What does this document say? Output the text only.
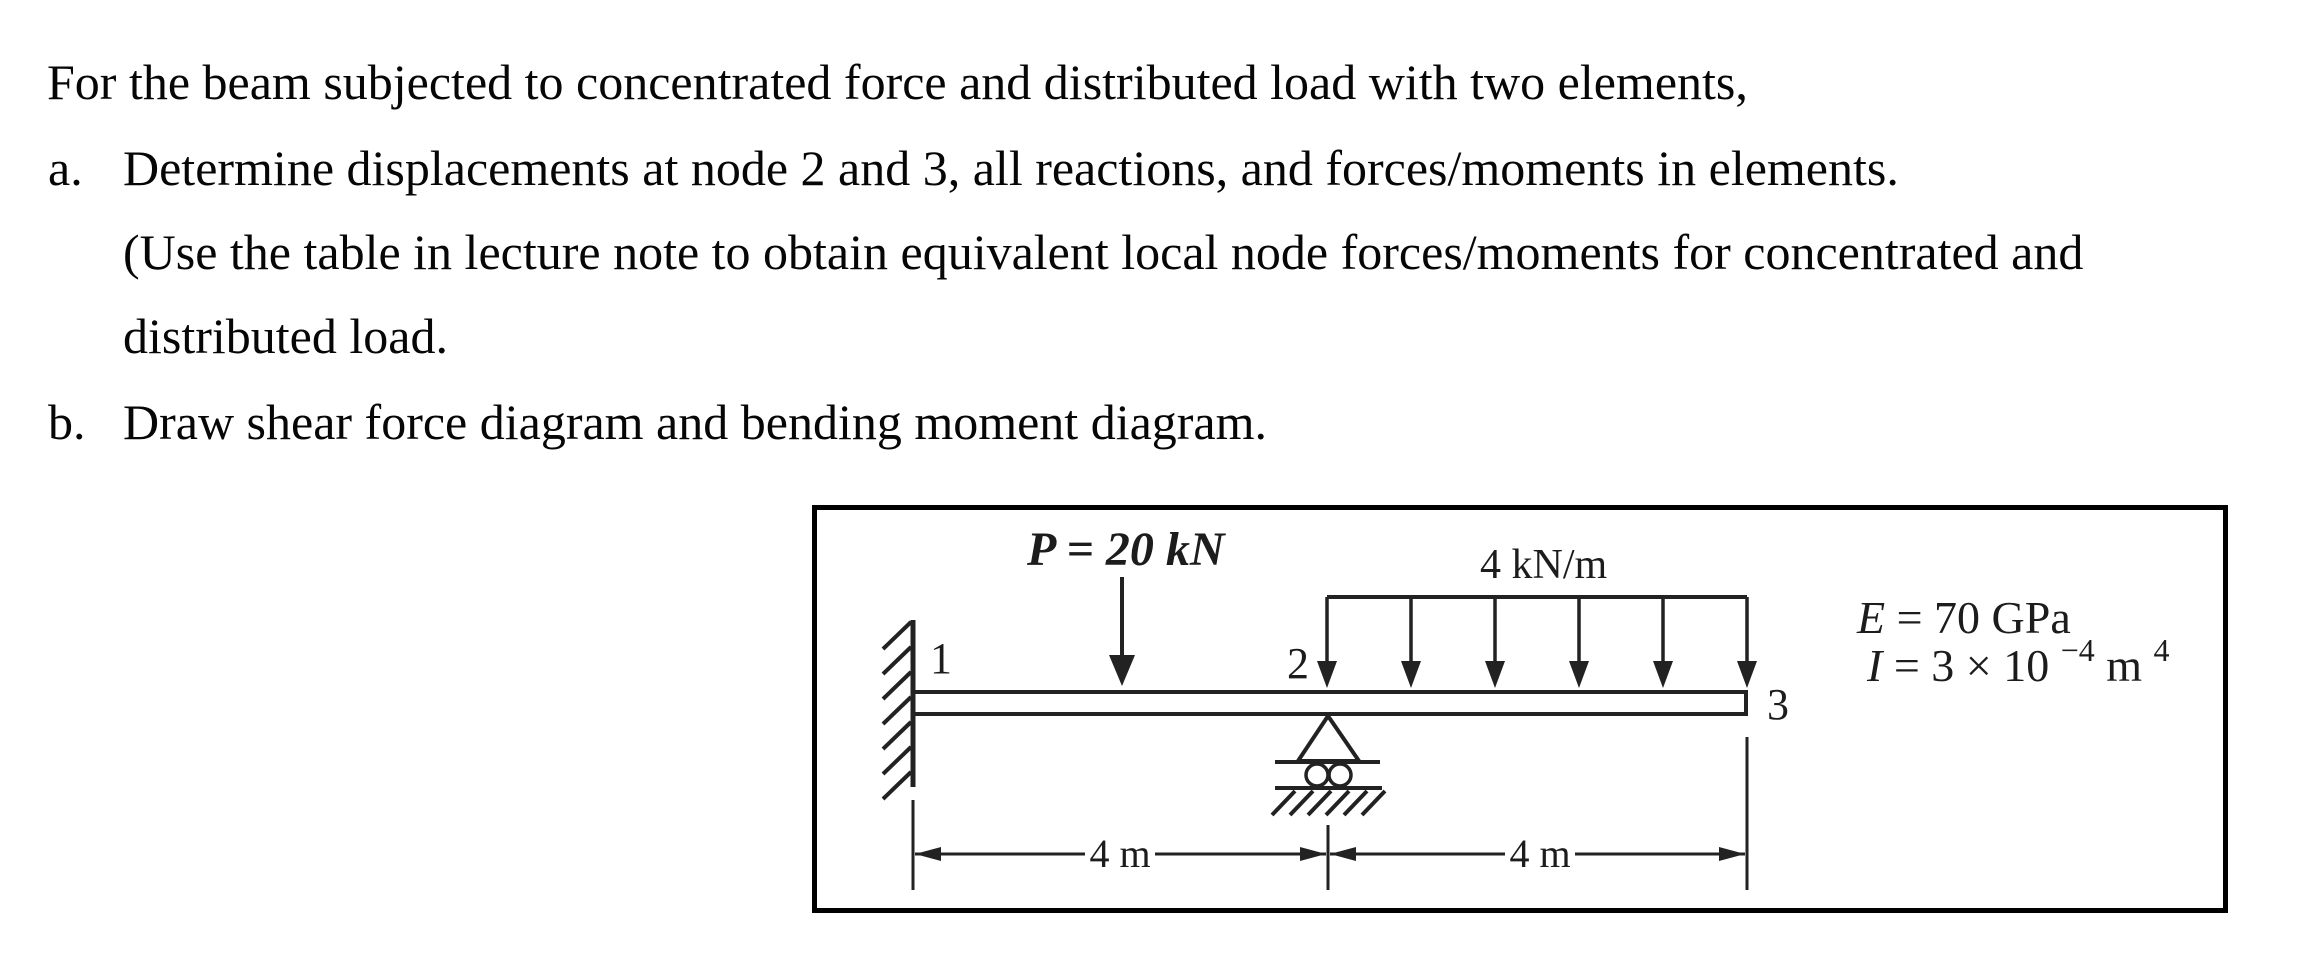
For the beam subjected to concentrated force and distributed load with two elements,
a. Determine displacements at node 2 and 3, all reactions, and forces/moments in elements.
(Use the table in lecture note to obtain equivalent local node forces/moments for concentrated and
distributed load.
b. Draw shear force diagram and bending moment diagram.
P = 20 kN	4 kN/m
1	2
3
4 m	4 m
E = 70 GPa
I = 3 × 10 $^{-4}$ m $^4$
